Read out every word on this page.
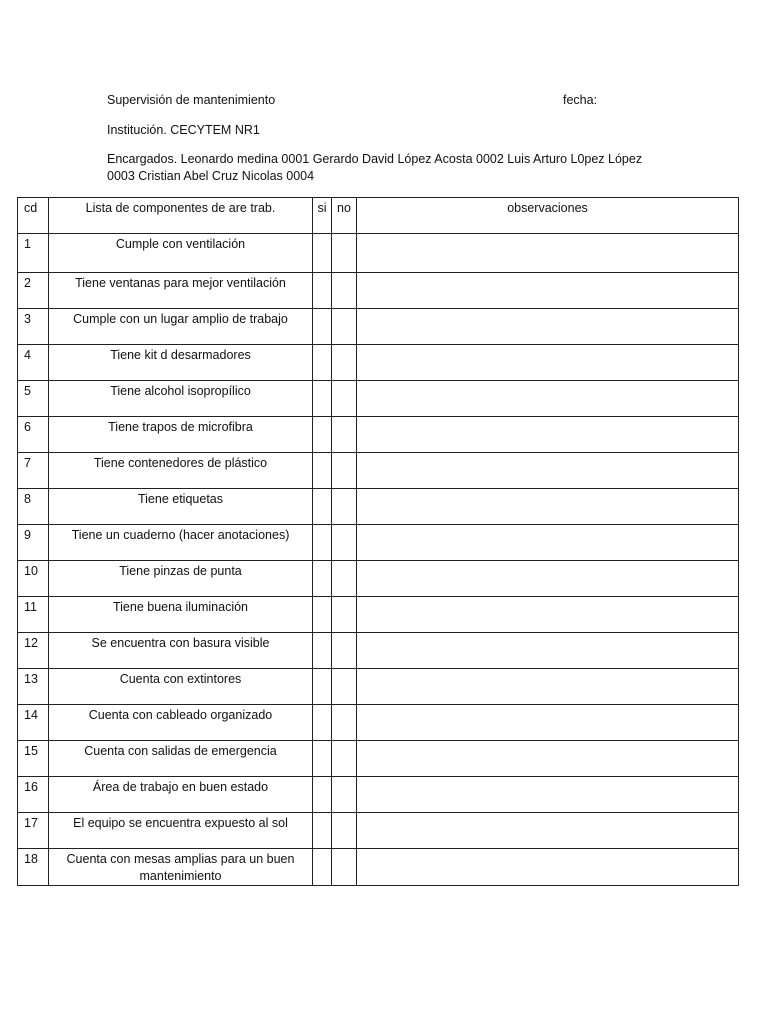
Supervisión de mantenimiento	fecha:
Institución. CECYTEM NR1
Encargados. Leonardo medina 0001 Gerardo David López Acosta 0002 Luis Arturo L0pez López 0003 Cristian Abel Cruz Nicolas 0004
cd	Lista de componentes de are trab.	si	no	observaciones
1	Cumple con ventilación			
2	Tiene ventanas para mejor ventilación			
3	Cumple con un lugar amplio de trabajo			
4	Tiene kit d desarmadores			
5	Tiene alcohol isopropílico			
6	Tiene trapos de microfibra			
7	Tiene contenedores de plástico			
8	Tiene etiquetas			
9	Tiene un cuaderno (hacer anotaciones)			
10	Tiene pinzas de punta			
11	Tiene buena iluminación			
12	Se encuentra con basura visible			
13	Cuenta con extintores			
14	Cuenta con cableado organizado			
15	Cuenta con salidas de emergencia			
16	Área de trabajo en buen estado			
17	El equipo se encuentra expuesto al sol			
18	Cuenta con mesas amplias para un buen mantenimiento			
